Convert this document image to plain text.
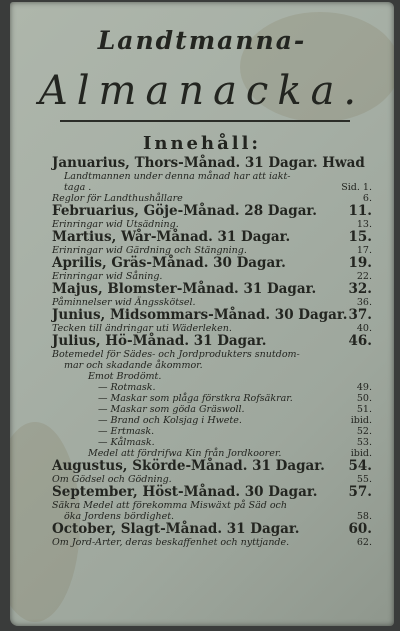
Landtmanna-
Almanacka.
Innehåll:
Januarius, Thors-Månad. 31 Dagar. Hwad
Landtmannen under denna månad har att iakt-
taga .	Sid. 1.
Reglor för Landthushållare	6.
Februarius, Göje-Månad. 28 Dagar. 11.
Erinringar wid Utsädning.	13.
Martius, Wår-Månad. 31 Dagar.	15.
Erinringar wid Gärdning och Stängning.	17.
Aprilis, Gräs-Månad. 30 Dagar.	19.
Erinringar wid Såning.	22.
Majus, Blomster-Månad. 31 Dagar. 32.
Påminnelser wid Ängsskötsel.	36.
Junius, Midsommars-Månad. 30 Dagar. 37.
Tecken till ändringar uti Wäderleken.	40.
Julius, Hö-Månad. 31 Dagar.	46.
Botemedel för Sädes- och Jordprodukters snutdom-
mar och skadande åkommor.
Emot Brodömt.
— Rotmask.	49.
— Maskar som plåga förstkra Rofsäkrar.	50.
— Maskar som göda Gräswoll.	51.
— Brand och Kolsjag i Hwete.	ibid.
— Ertmask.	52.
— Kålmask.	53.
Medel att fördrifwa Kin från Jordkoorer.	ibid.
Augustus, Skörde-Månad. 31 Dagar. 54.
Om Gödsel och Gödning.	55.
September, Höst-Månad. 30 Dagar. 57.
Säkra Medel att förekomma Miswäxt på Säd och
öka Jordens bördighet.	58.
October, Slagt-Månad. 31 Dagar.	60.
Om Jord-Arter, deras beskaffenhet och nyttjande.	62.
